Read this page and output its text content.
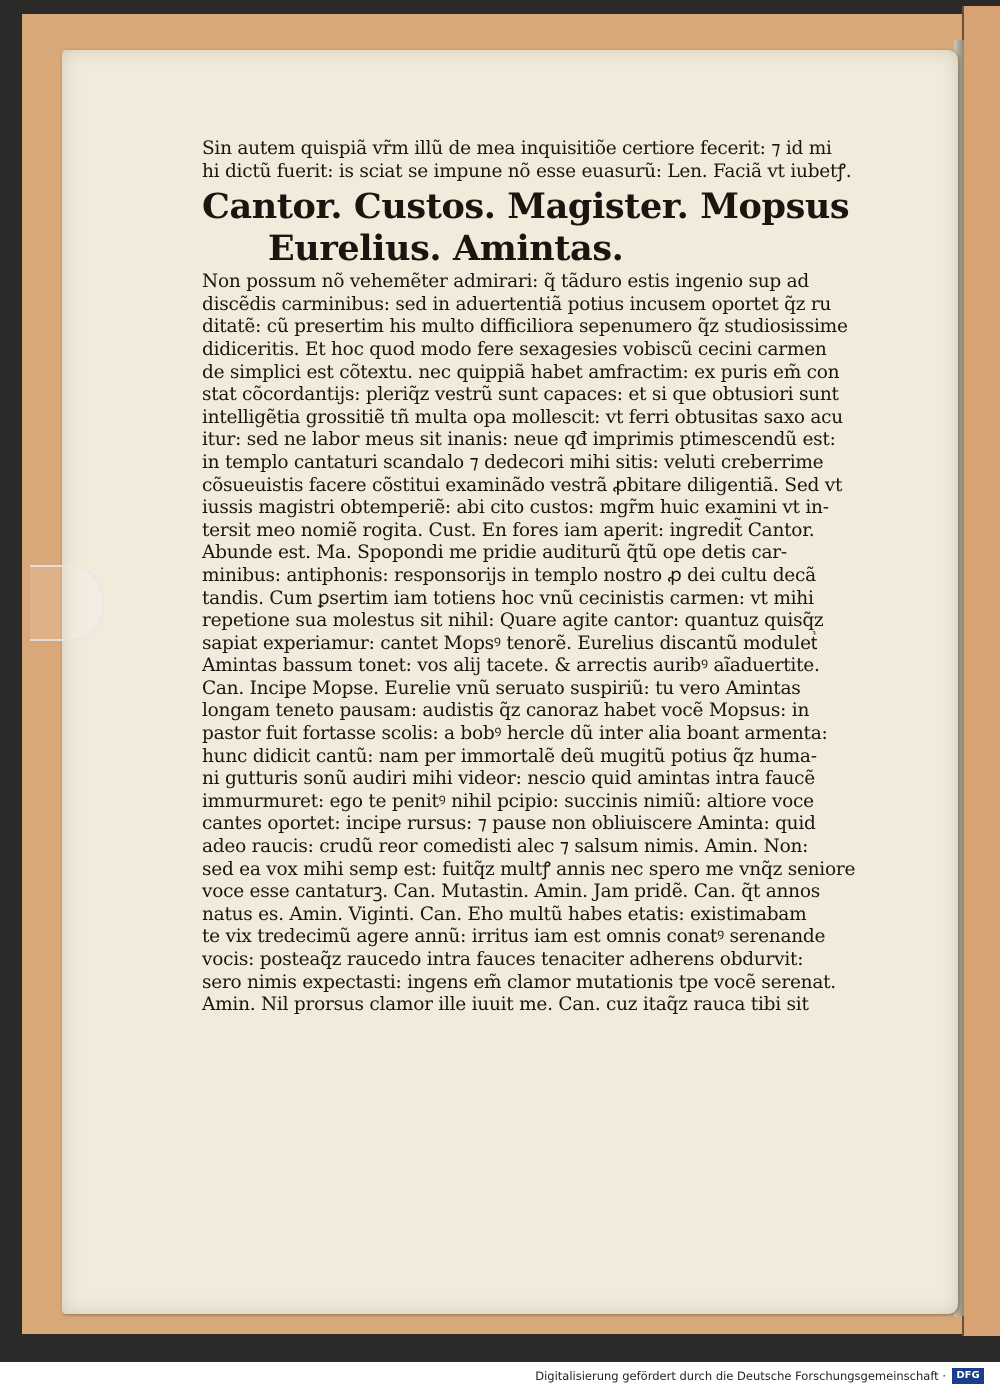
Sin autem quispiã vr̃m illũ de mea inquisitiõe certiore fecerit: ⁊ id mi
hi dictũ fuerit: is sciat se impune nõ esse euasurũ: Len. Faciã vt iubetꝭ.
Cantor. Custos. Magister. Mopsus
Eurelius. Amintas.
Non possum nõ vehemẽter admirari: q̃ tãduro estis ingenio sup ad
discẽdis carminibus: sed in aduertentiã potius incusem oportet q̃z ru
ditatẽ: cũ presertim his multo difficiliora sepenumero q̃z studiosissime
didiceritis. Et hoc quod modo fere sexagesies vobiscũ cecini carmen
de simplici est cõtextu. nec quippiã habet amfractim: ex puris em̃ con
stat cõcordantijs: pleriq̃z vestrũ sunt capaces: et si que obtusiori sunt
intelligẽtia grossitiẽ tñ multa opa mollescit: vt ferri obtusitas saxo acu
itur: sed ne labor meus sit inanis: neue qđ imprimis ptimescendũ est:
in templo cantaturi scandalo ⁊ dedecori mihi sitis: veluti creberrime
cõsueuistis facere cõstitui examinãdo vestrã ꝓbitare diligentiã. Sed vt
iussis magistri obtemperiẽ: abi cito custos: mgr̃m huic examini vt in-
tersit meo nomiẽ rogita. Cust. En fores iam aperit: ingredit̃ Cantor.
Abunde est. Ma. Spopondi me pridie auditurũ q̃tũ ope detis car-
minibus: antiphonis: responsorijs in templo nostro ꝓ dei cultu decã
tandis. Cum ꝑsertim iam totiens hoc vnũ cecinistis carmen: vt mihi
repetione sua molestus sit nihil: Quare agite cantor: quantuz quisq̃z
sapiat experiamur: cantet Mopsꝰ tenorẽ. Eurelius discantũ moduletᷣ
Amintas bassum tonet: vos alij tacete. & arrectis auribꝰ aĩaduertite.
Can. Incipe Mopse. Eurelie vnũ seruato suspiriũ: tu vero Amintas
longam teneto pausam: audistis q̃z canoraz habet vocẽ Mopsus: in
pastor fuit fortasse scolis: a bobꝰ hercle dũ inter alia boant armenta:
hunc didicit cantũ: nam per immortalẽ deũ mugitũ potius q̃z huma-
ni gutturis sonũ audiri mihi videor: nescio quid amintas intra faucẽ
immurmuret: ego te penitꝰ nihil pcipio: succinis nimiũ: altiore voce
cantes oportet: incipe rursus: ⁊ pause non obliuiscere Aminta: quid
adeo raucis: crudũ reor comedisti alec ⁊ salsum nimis. Amin. Non:
sed ea vox mihi semp est: fuitq̃z multꝭ annis nec spero me vnq̃z seniore
voce esse cantaturꝫ. Can. Mutastin. Amin. Jam pridẽ. Can. q̃t annos
natus es. Amin. Viginti. Can. Eho multũ habes etatis: existimabam
te vix tredecimũ agere annũ: irritus iam est omnis conatꝰ serenande
vocis: posteaq̃z raucedo intra fauces tenaciter adherens obdurvit:
sero nimis expectasti: ingens em̃ clamor mutationis tpe vocẽ serenat.
Amin. Nil prorsus clamor ille iuuit me. Can. cuz itaq̃z rauca tibi sit
Digitalisierung gefördert durch die Deutsche Forschungsgemeinschaft ·	DFG
